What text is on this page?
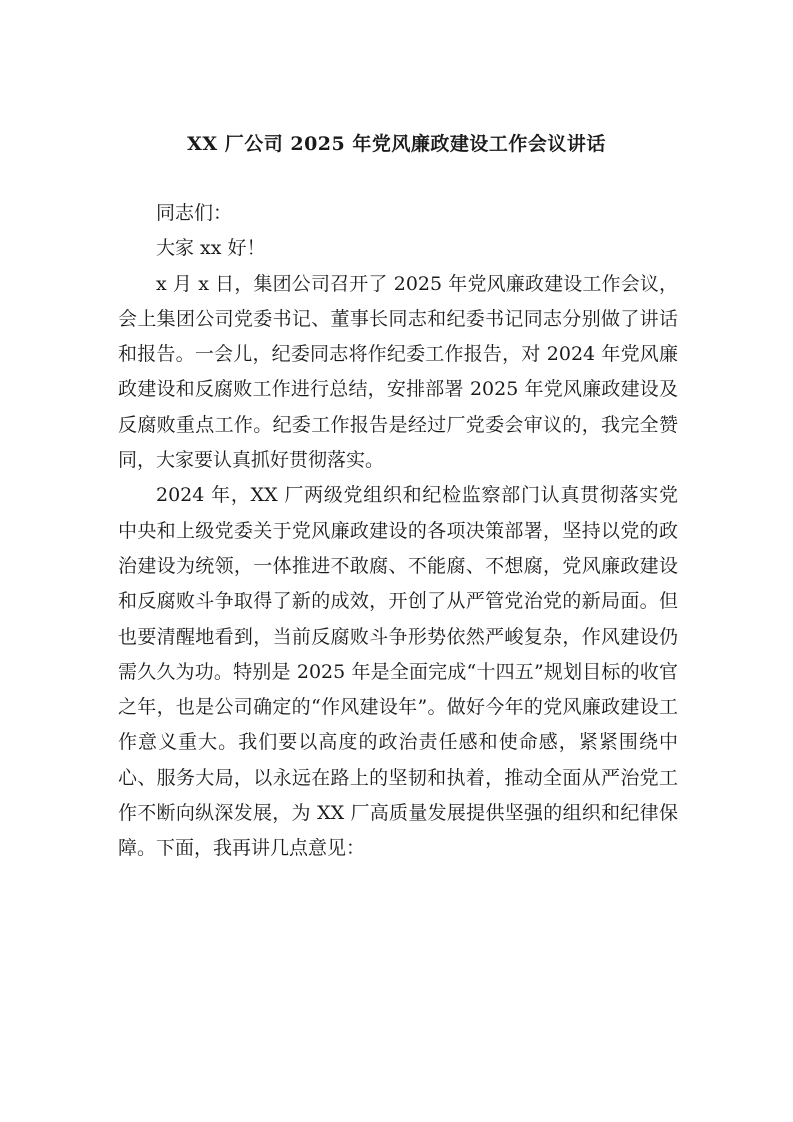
XX 厂公司 2025 年党风廉政建设工作会议讲话

同志们：

大家 xx 好！

x 月 x 日，集团公司召开了 2025 年党风廉政建设工作会议，会上集团公司党委书记、董事长同志和纪委书记同志分别做了讲话和报告。一会儿，纪委同志将作纪委工作报告，对 2024 年党风廉政建设和反腐败工作进行总结，安排部署 2025 年党风廉政建设及反腐败重点工作。纪委工作报告是经过厂党委会审议的，我完全赞同，大家要认真抓好贯彻落实。

2024 年，XX 厂两级党组织和纪检监察部门认真贯彻落实党中央和上级党委关于党风廉政建设的各项决策部署，坚持以党的政治建设为统领，一体推进不敢腐、不能腐、不想腐，党风廉政建设和反腐败斗争取得了新的成效，开创了从严管党治党的新局面。但也要清醒地看到，当前反腐败斗争形势依然严峻复杂，作风建设仍需久久为功。特别是 2025 年是全面完成“十四五”规划目标的收官之年，也是公司确定的“作风建设年”。做好今年的党风廉政建设工作意义重大。我们要以高度的政治责任感和使命感，紧紧围绕中心、服务大局，以永远在路上的坚韧和执着，推动全面从严治党工作不断向纵深发展，为 XX 厂高质量发展提供坚强的组织和纪律保障。下面，我再讲几点意见：
